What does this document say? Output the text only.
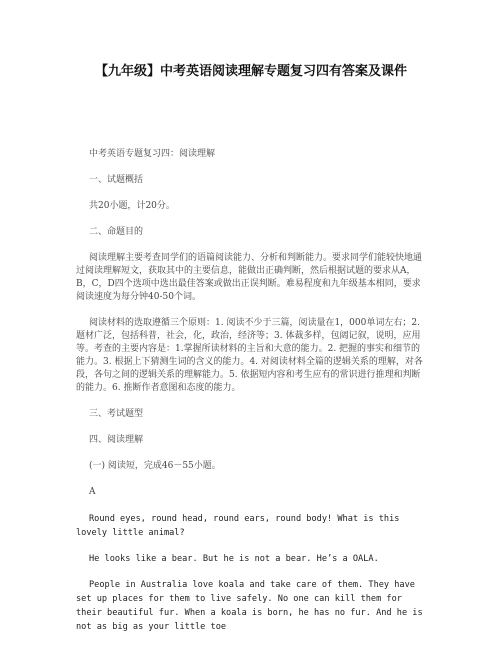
【九年级】中考英语阅读理解专题复习四有答案及课件

中考英语专题复习四：阅读理解

一、试题概括

共20小题，计20分。

二、命题目的

阅读理解主要考查同学们的语篇阅读能力、分析和判断能力。要求同学们能较快地通过阅读理解短文，获取其中的主要信息，能做出正确判断，然后根据试题的要求从A，B，C，D四个选项中选出最佳答案或做出正误判断。难易程度和九年级基本相同，要求阅读速度为每分钟40-50个词。

阅读材料的选取遵循三个原则：1. 阅读不少于三篇，阅读量在1，000单词左右；2. 题材广泛，包括科普，社会，化，政治，经济等；3. 体裁多样，包阔记叙，说明，应用等。考查的主要内容是：1.掌握所读材料的主旨和大意的能力。2. 把握的事实和细节的能力。3. 根据上下猜测生词的含义的能力。4. 对阅读材料全篇的逻辑关系的理解，对各段，各句之间的逻辑关系的理解能力。5. 依据短内容和考生应有的常识进行推理和判断的能力。6. 推断作者意图和态度的能力。

三、考试题型

四、阅读理解

(一) 阅读短，完成46－55小题。

A

Round eyes, round head, round ears, round body! What is this lovely little animal?

He looks like a bear. But he is not a bear. He’s a OALA.

People in Australia love koala and take care of them. They have set up places for them to live safely. No one can kill them for their beautiful fur. When a koala is born, he has no fur. And he is not as big as your little toe
